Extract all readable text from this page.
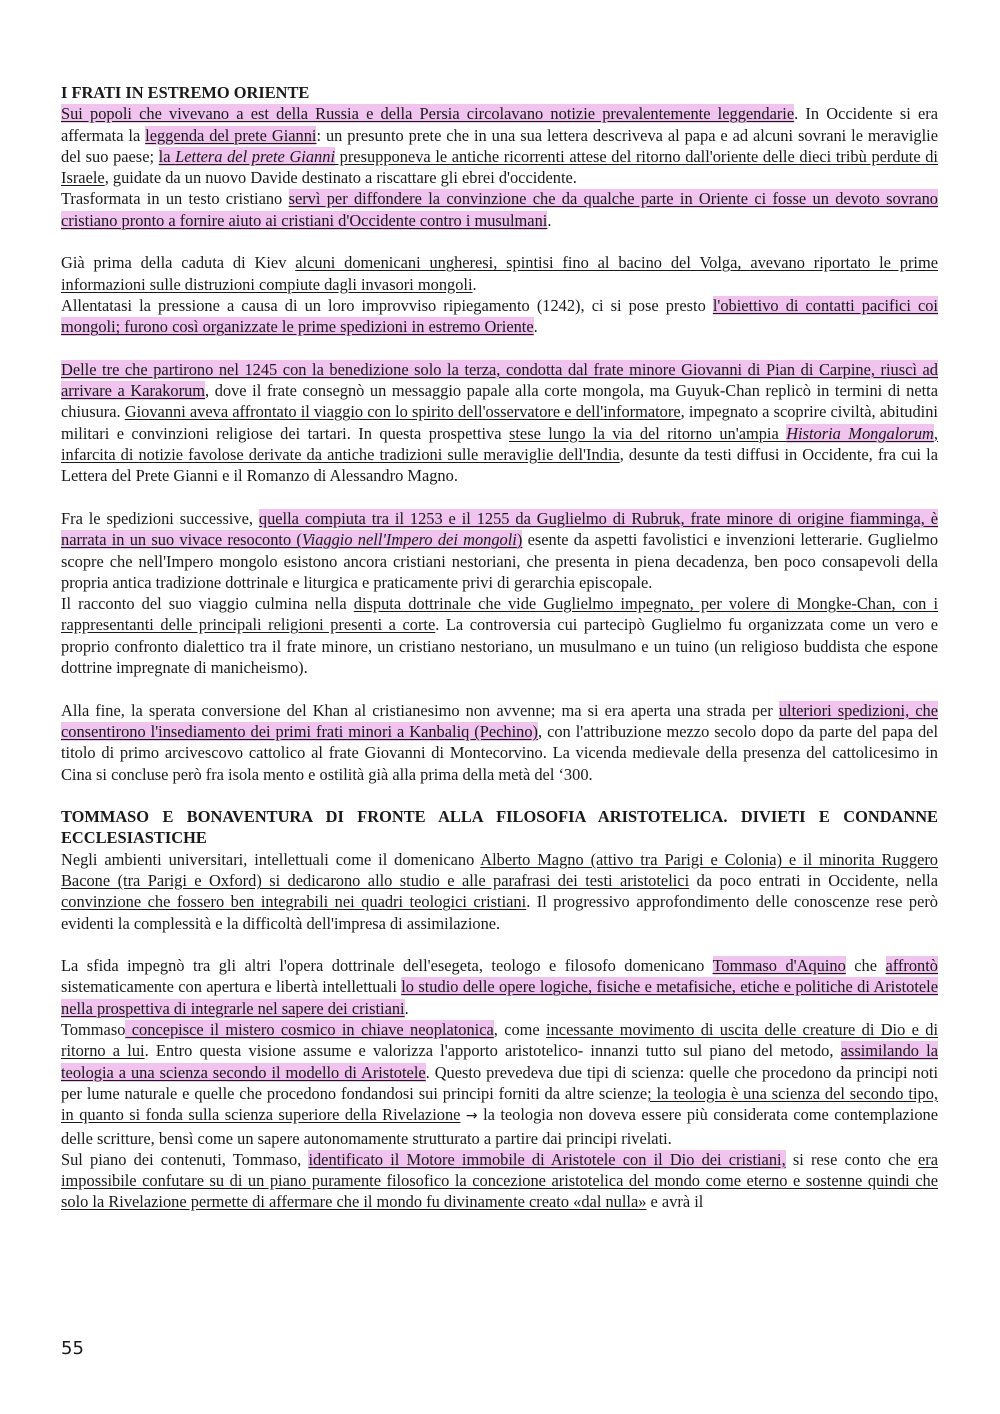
I FRATI IN ESTREMO ORIENTE

Sui popoli che vivevano a est della Russia e della Persia circolavano notizie prevalentemente leggendarie. In Occidente si era affermata la leggenda del prete Gianni: un presunto prete che in una sua lettera descriveva al papa e ad alcuni sovrani le meraviglie del suo paese; la Lettera del prete Gianni presupponeva le antiche ricorrenti attese del ritorno dall'oriente delle dieci tribù perdute di Israele, guidate da un nuovo Davide destinato a riscattare gli ebrei d'occidente.

Trasformata in un testo cristiano servì per diffondere la convinzione che da qualche parte in Oriente ci fosse un devoto sovrano cristiano pronto a fornire aiuto ai cristiani d'Occidente contro i musulmani.

Già prima della caduta di Kiev alcuni domenicani ungheresi, spintisi fino al bacino del Volga, avevano riportato le prime informazioni sulle distruzioni compiute dagli invasori mongoli.

Allentatasi la pressione a causa di un loro improvviso ripiegamento (1242), ci si pose presto l'obiettivo di contatti pacifici coi mongoli; furono così organizzate le prime spedizioni in estremo Oriente.

Delle tre che partirono nel 1245 con la benedizione solo la terza, condotta dal frate minore Giovanni di Pian di Carpine, riuscì ad arrivare a Karakorum, dove il frate consegnò un messaggio papale alla corte mongola, ma Guyuk-Chan replicò in termini di netta chiusura. Giovanni aveva affrontato il viaggio con lo spirito dell'osservatore e dell'informatore, impegnato a scoprire civiltà, abitudini militari e convinzioni religiose dei tartari. In questa prospettiva stese lungo la via del ritorno un'ampia Historia Mongalorum, infarcita di notizie favolose derivate da antiche tradizioni sulle meraviglie dell'India, desunte da testi diffusi in Occidente, fra cui la Lettera del Prete Gianni e il Romanzo di Alessandro Magno.

Fra le spedizioni successive, quella compiuta tra il 1253 e il 1255 da Guglielmo di Rubruk, frate minore di origine fiamminga, è narrata in un suo vivace resoconto (Viaggio nell'Impero dei mongoli) esente da aspetti favolistici e invenzioni letterarie. Guglielmo scopre che nell'Impero mongolo esistono ancora cristiani nestoriani, che presenta in piena decadenza, ben poco consapevoli della propria antica tradizione dottrinale e liturgica e praticamente privi di gerarchia episcopale.

Il racconto del suo viaggio culmina nella disputa dottrinale che vide Guglielmo impegnato, per volere di Mongke-Chan, con i rappresentanti delle principali religioni presenti a corte. La controversia cui partecipò Guglielmo fu organizzata come un vero e proprio confronto dialettico tra il frate minore, un cristiano nestoriano, un musulmano e un tuino (un religioso buddista che espone dottrine impregnate di manicheismo).

Alla fine, la sperata conversione del Khan al cristianesimo non avvenne; ma si era aperta una strada per ulteriori spedizioni, che consentirono l'insediamento dei primi frati minori a Kanbaliq (Pechino), con l'attribuzione mezzo secolo dopo da parte del papa del titolo di primo arcivescovo cattolico al frate Giovanni di Montecorvino. La vicenda medievale della presenza del cattolicesimo in Cina si concluse però fra isola mento e ostilità già alla prima della metà del ‘300.

TOMMASO E BONAVENTURA DI FRONTE ALLA FILOSOFIA ARISTOTELICA. DIVIETI E CONDANNE ECCLESIASTICHE

Negli ambienti universitari, intellettuali come il domenicano Alberto Magno (attivo tra Parigi e Colonia) e il minorita Ruggero Bacone (tra Parigi e Oxford) si dedicarono allo studio e alle parafrasi dei testi aristotelici da poco entrati in Occidente, nella convinzione che fossero ben integrabili nei quadri teologici cristiani. Il progressivo approfondimento delle conoscenze rese però evidenti la complessità e la difficoltà dell'impresa di assimilazione.

La sfida impegnò tra gli altri l'opera dottrinale dell'esegeta, teologo e filosofo domenicano Tommaso d'Aquino che affrontò sistematicamente con apertura e libertà intellettuali lo studio delle opere logiche, fisiche e metafisiche, etiche e politiche di Aristotele nella prospettiva di integrarle nel sapere dei cristiani.

Tommaso concepisce il mistero cosmico in chiave neoplatonica, come incessante movimento di uscita delle creature di Dio e di ritorno a lui. Entro questa visione assume e valorizza l'apporto aristotelico- innanzi tutto sul piano del metodo, assimilando la teologia a una scienza secondo il modello di Aristotele. Questo prevedeva due tipi di scienza: quelle che procedono da principi noti per lume naturale e quelle che procedono fondandosi sui principi forniti da altre scienze; la teologia è una scienza del secondo tipo, in quanto si fonda sulla scienza superiore della Rivelazione → la teologia non doveva essere più considerata come contemplazione delle scritture, bensì come un sapere autonomamente strutturato a partire dai principi rivelati.

Sul piano dei contenuti, Tommaso, identificato il Motore immobile di Aristotele con il Dio dei cristiani, si rese conto che era impossibile confutare su di un piano puramente filosofico la concezione aristotelica del mondo come eterno e sostenne quindi che solo la Rivelazione permette di affermare che il mondo fu divinamente creato «dal nulla» e avrà il

55
